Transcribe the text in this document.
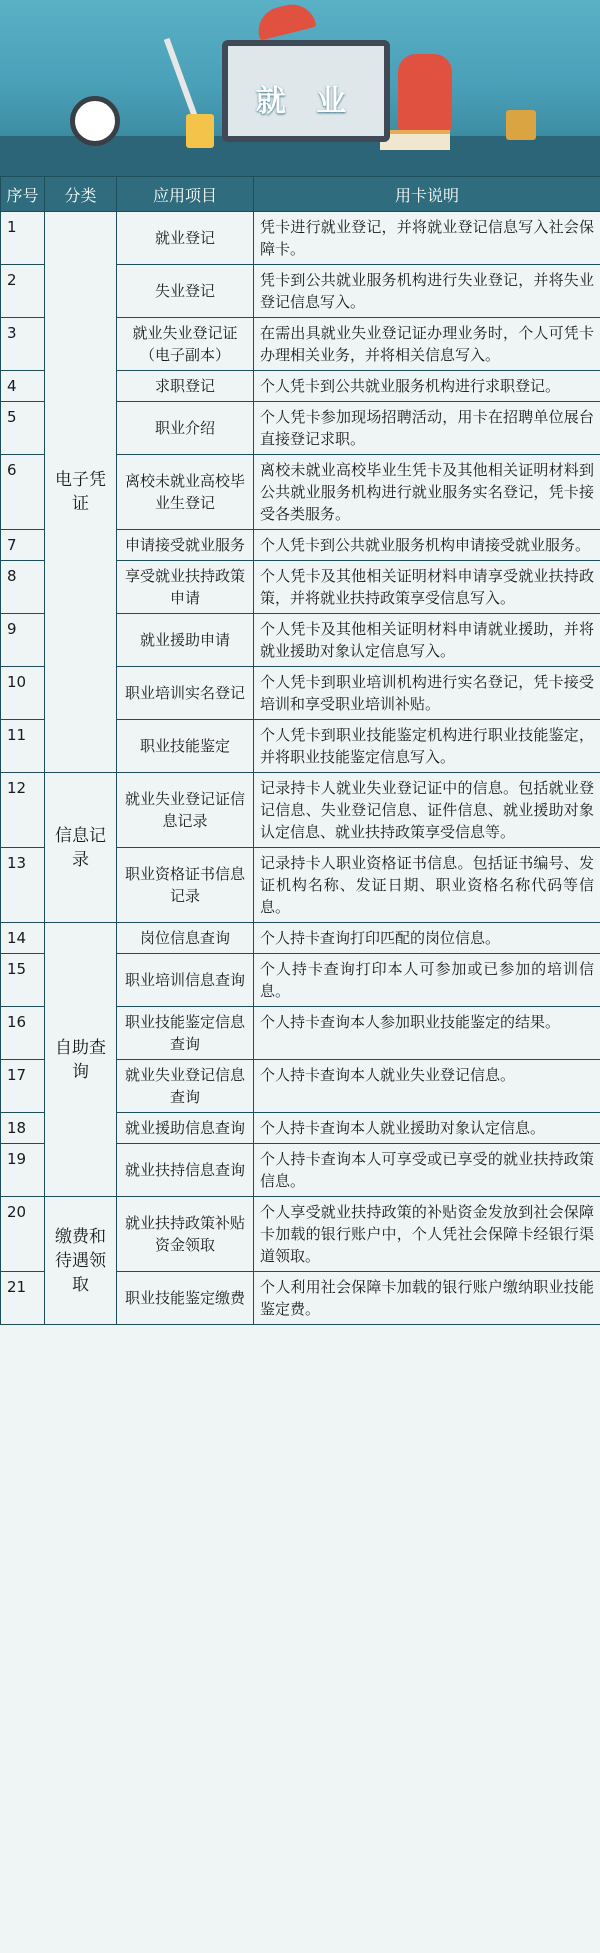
就 业
序号	分类	应用项目	用卡说明
1	电子凭证	就业登记	凭卡进行就业登记，并将就业登记信息写入社会保障卡。
2		失业登记	凭卡到公共就业服务机构进行失业登记，并将失业登记信息写入。
3		就业失业登记证（电子副本）	在需出具就业失业登记证办理业务时，个人可凭卡办理相关业务，并将相关信息写入。
4		求职登记	个人凭卡到公共就业服务机构进行求职登记。
5		职业介绍	个人凭卡参加现场招聘活动，用卡在招聘单位展台直接登记求职。
6		离校未就业高校毕业生登记	离校未就业高校毕业生凭卡及其他相关证明材料到公共就业服务机构进行就业服务实名登记，凭卡接受各类服务。
7		申请接受就业服务	个人凭卡到公共就业服务机构申请接受就业服务。
8		享受就业扶持政策申请	个人凭卡及其他相关证明材料申请享受就业扶持政策，并将就业扶持政策享受信息写入。
9		就业援助申请	个人凭卡及其他相关证明材料申请就业援助，并将就业援助对象认定信息写入。
10		职业培训实名登记	个人凭卡到职业培训机构进行实名登记，凭卡接受培训和享受职业培训补贴。
11		职业技能鉴定	个人凭卡到职业技能鉴定机构进行职业技能鉴定，并将职业技能鉴定信息写入。
12	信息记录	就业失业登记证信息记录	记录持卡人就业失业登记证中的信息。包括就业登记信息、失业登记信息、证件信息、就业援助对象认定信息、就业扶持政策享受信息等。
13		职业资格证书信息记录	记录持卡人职业资格证书信息。包括证书编号、发证机构名称、发证日期、职业资格名称代码等信息。
14	自助查询	岗位信息查询	个人持卡查询打印匹配的岗位信息。
15		职业培训信息查询	个人持卡查询打印本人可参加或已参加的培训信息。
16		职业技能鉴定信息查询	个人持卡查询本人参加职业技能鉴定的结果。
17		就业失业登记信息查询	个人持卡查询本人就业失业登记信息。
18		就业援助信息查询	个人持卡查询本人就业援助对象认定信息。
19		就业扶持信息查询	个人持卡查询本人可享受或已享受的就业扶持政策信息。
20	缴费和待遇领取	就业扶持政策补贴资金领取	个人享受就业扶持政策的补贴资金发放到社会保障卡加载的银行账户中，个人凭社会保障卡经银行渠道领取。
21		职业技能鉴定缴费	个人利用社会保障卡加载的银行账户缴纳职业技能鉴定费。
